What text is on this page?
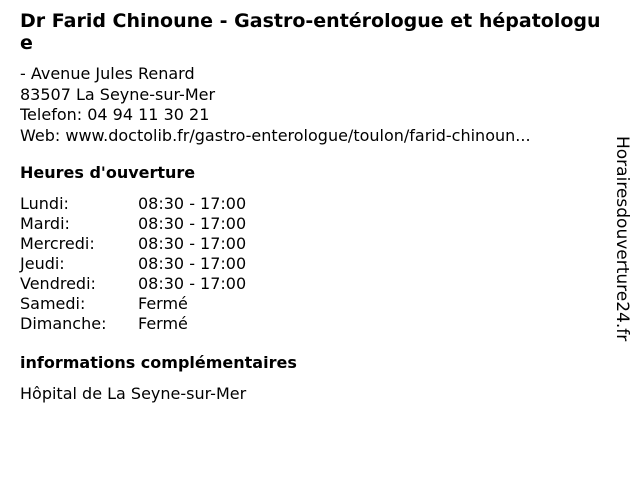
Dr Farid Chinoune - Gastro-entérologue et hépatologue
- Avenue Jules Renard
83507 La Seyne-sur-Mer
Telefon: 04 94 11 30 21
Web: www.doctolib.fr/gastro-enterologue/toulon/farid-chinoun...
Heures d'ouverture
Lundi:	08:30 - 17:00
Mardi:	08:30 - 17:00
Mercredi:	08:30 - 17:00
Jeudi:	08:30 - 17:00
Vendredi:	08:30 - 17:00
Samedi:	Fermé
Dimanche:	Fermé
informations complémentaires
Hôpital de La Seyne-sur-Mer
Horairesdouverture24.fr
